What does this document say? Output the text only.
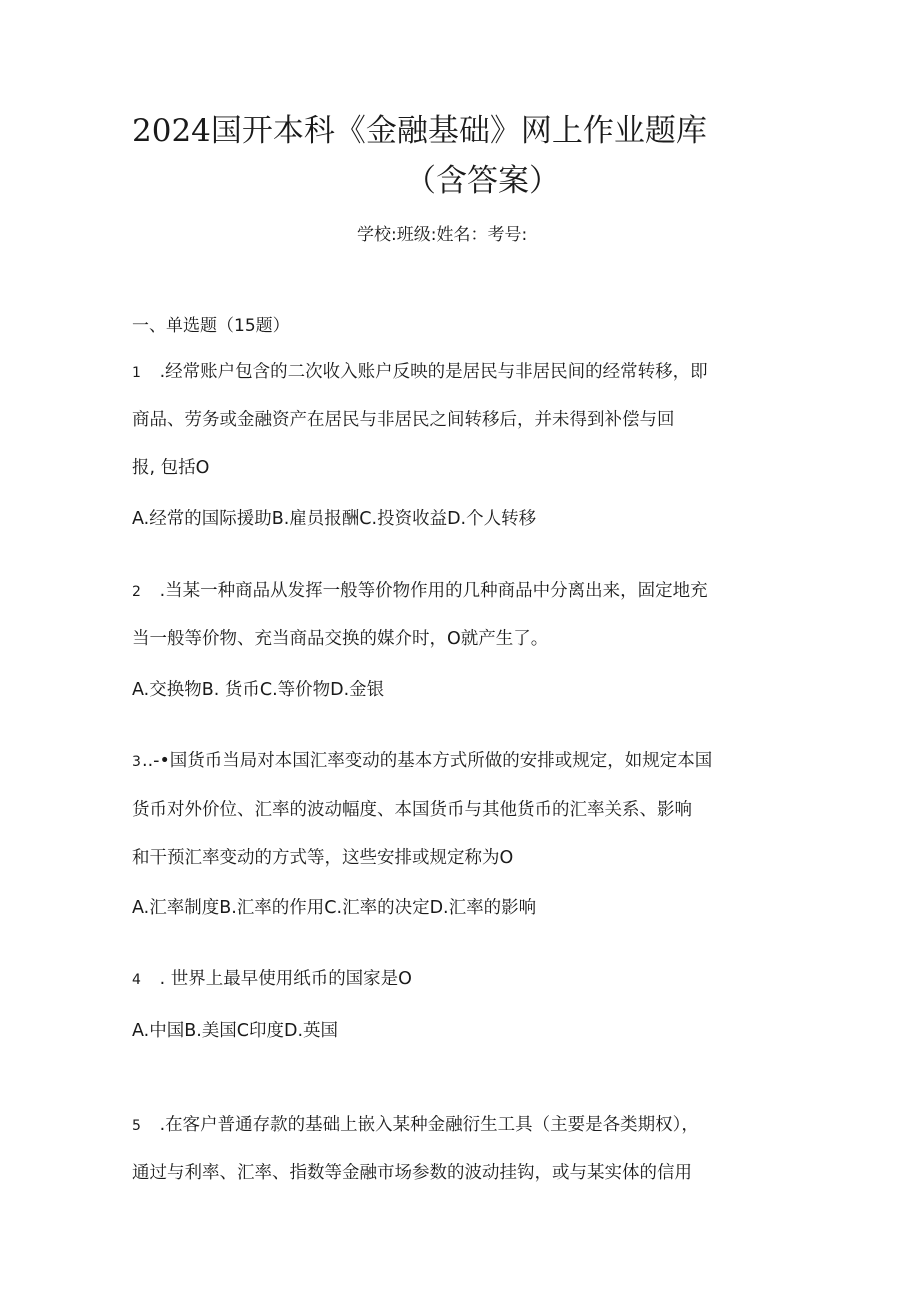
2024国开本科《金融基础》网上作业题库
（含答案）
学校:班级:姓名：考号:
一、单选题（15题）
1 .经常账户包含的二次收入账户反映的是居民与非居民间的经常转移，即
商品、劳务或金融资产在居民与非居民之间转移后，并未得到补偿与回
报, 包括O
A.经常的国际援助B.雇员报酬C.投资收益D.个人转移
2 .当某一种商品从发挥一般等价物作用的几种商品中分离出来，固定地充
当一般等价物、充当商品交换的媒介时，O就产生了。
A.交换物B. 货币C.等价物D.金银
3..-•国货币当局对本国汇率变动的基本方式所做的安排或规定，如规定本国
货币对外价位、汇率的波动幅度、本国货币与其他货币的汇率关系、影响
和干预汇率变动的方式等，这些安排或规定称为O
A.汇率制度B.汇率的作用C.汇率的决定D.汇率的影响
4 . 世界上最早使用纸币的国家是O
A.中国B.美国C印度D.英国
5 .在客户普通存款的基础上嵌入某种金融衍生工具（主要是各类期权），
通过与利率、汇率、指数等金融市场参数的波动挂钩，或与某实体的信用
